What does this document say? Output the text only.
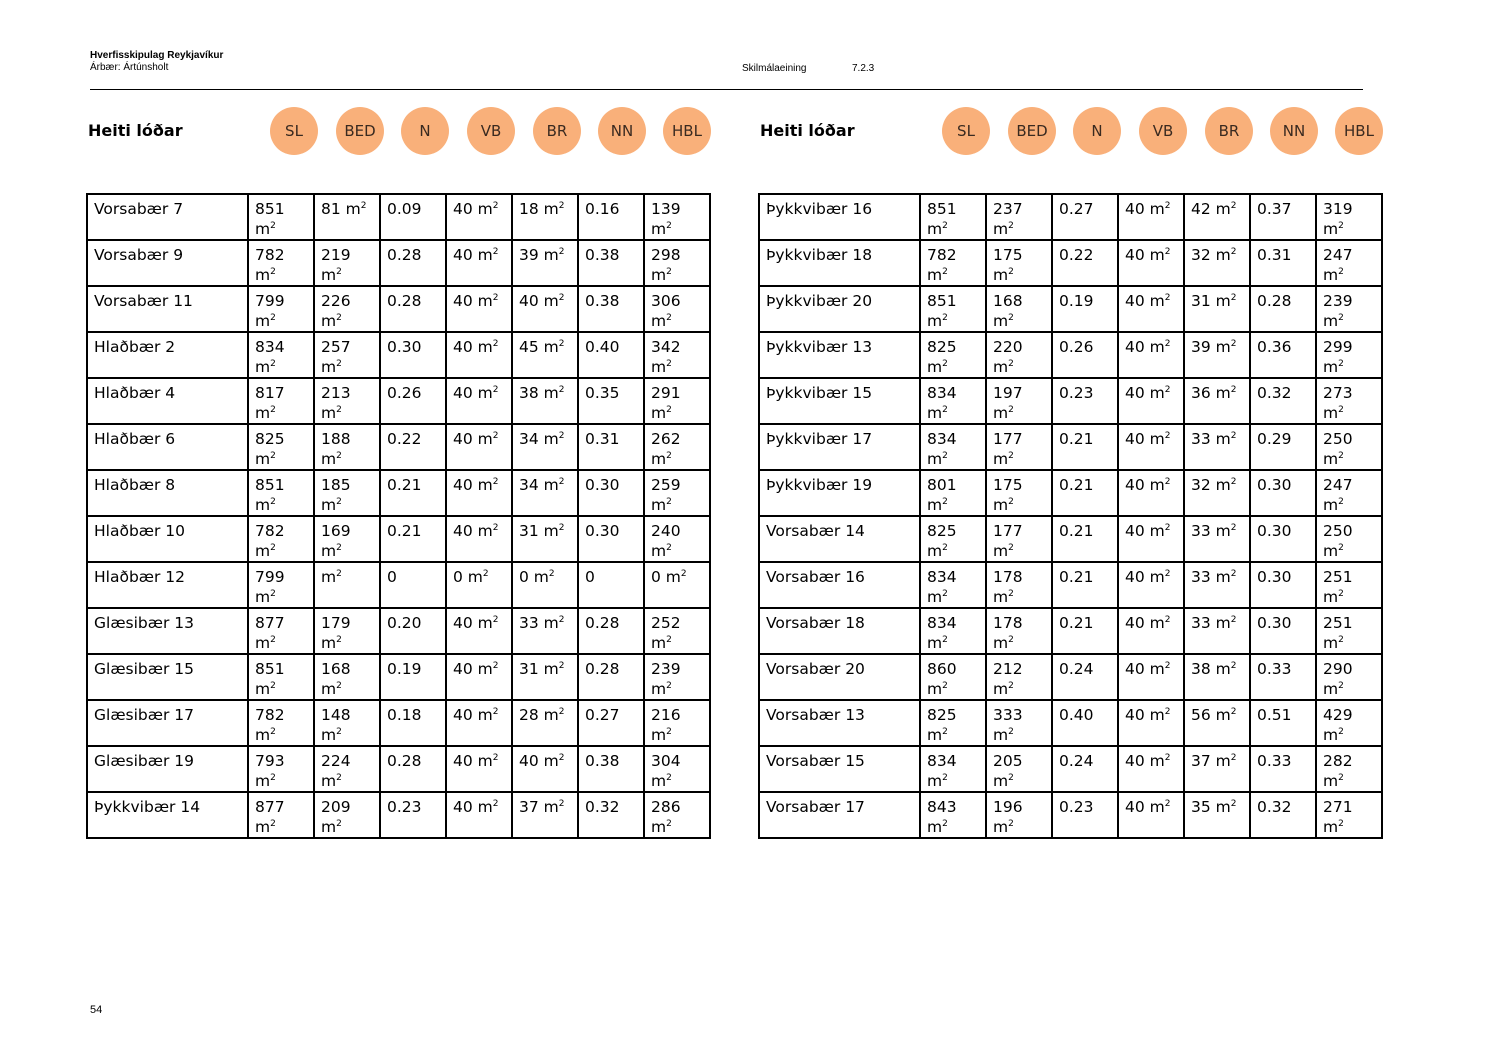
Hverfisskipulag Reykjavíkur
Árbær: Ártúnsholt	Skilmálaeining	7.2.3
Heiti lóðar	SL	BED	N	VB	BR	NN	HBL
Vorsabær 7	851 $m^2$	81 $m^2$	0.09	40 $m^2$	18 $m^2$	0.16	139 $m^2$
Vorsabær 9	782 $m^2$	219 $m^2$	0.28	40 $m^2$	39 $m^2$	0.38	298 $m^2$
Vorsabær 11	799 $m^2$	226 $m^2$	0.28	40 $m^2$	40 $m^2$	0.38	306 $m^2$
Hlaðbær 2	834 $m^2$	257 $m^2$	0.30	40 $m^2$	45 $m^2$	0.40	342 $m^2$
Hlaðbær 4	817 $m^2$	213 $m^2$	0.26	40 $m^2$	38 $m^2$	0.35	291 $m^2$
Hlaðbær 6	825 $m^2$	188 $m^2$	0.22	40 $m^2$	34 $m^2$	0.31	262 $m^2$
Hlaðbær 8	851 $m^2$	185 $m^2$	0.21	40 $m^2$	34 $m^2$	0.30	259 $m^2$
Hlaðbær 10	782 $m^2$	169 $m^2$	0.21	40 $m^2$	31 $m^2$	0.30	240 $m^2$
Hlaðbær 12	799 $m^2$	$m^2$	0	0 $m^2$	0 $m^2$	0	0 $m^2$
Glæsibær 13	877 $m^2$	179 $m^2$	0.20	40 $m^2$	33 $m^2$	0.28	252 $m^2$
Glæsibær 15	851 $m^2$	168 $m^2$	0.19	40 $m^2$	31 $m^2$	0.28	239 $m^2$
Glæsibær 17	782 $m^2$	148 $m^2$	0.18	40 $m^2$	28 $m^2$	0.27	216 $m^2$
Glæsibær 19	793 $m^2$	224 $m^2$	0.28	40 $m^2$	40 $m^2$	0.38	304 $m^2$
Þykkvibær 14	877 $m^2$	209 $m^2$	0.23	40 $m^2$	37 $m^2$	0.32	286 $m^2$
Heiti lóðar	SL	BED	N	VB	BR	NN	HBL
Þykkvibær 16	851 $m^2$	237 $m^2$	0.27	40 $m^2$	42 $m^2$	0.37	319 $m^2$
Þykkvibær 18	782 $m^2$	175 $m^2$	0.22	40 $m^2$	32 $m^2$	0.31	247 $m^2$
Þykkvibær 20	851 $m^2$	168 $m^2$	0.19	40 $m^2$	31 $m^2$	0.28	239 $m^2$
Þykkvibær 13	825 $m^2$	220 $m^2$	0.26	40 $m^2$	39 $m^2$	0.36	299 $m^2$
Þykkvibær 15	834 $m^2$	197 $m^2$	0.23	40 $m^2$	36 $m^2$	0.32	273 $m^2$
Þykkvibær 17	834 $m^2$	177 $m^2$	0.21	40 $m^2$	33 $m^2$	0.29	250 $m^2$
Þykkvibær 19	801 $m^2$	175 $m^2$	0.21	40 $m^2$	32 $m^2$	0.30	247 $m^2$
Vorsabær 14	825 $m^2$	177 $m^2$	0.21	40 $m^2$	33 $m^2$	0.30	250 $m^2$
Vorsabær 16	834 $m^2$	178 $m^2$	0.21	40 $m^2$	33 $m^2$	0.30	251 $m^2$
Vorsabær 18	834 $m^2$	178 $m^2$	0.21	40 $m^2$	33 $m^2$	0.30	251 $m^2$
Vorsabær 20	860 $m^2$	212 $m^2$	0.24	40 $m^2$	38 $m^2$	0.33	290 $m^2$
Vorsabær 13	825 $m^2$	333 $m^2$	0.40	40 $m^2$	56 $m^2$	0.51	429 $m^2$
Vorsabær 15	834 $m^2$	205 $m^2$	0.24	40 $m^2$	37 $m^2$	0.33	282 $m^2$
Vorsabær 17	843 $m^2$	196 $m^2$	0.23	40 $m^2$	35 $m^2$	0.32	271 $m^2$
54
